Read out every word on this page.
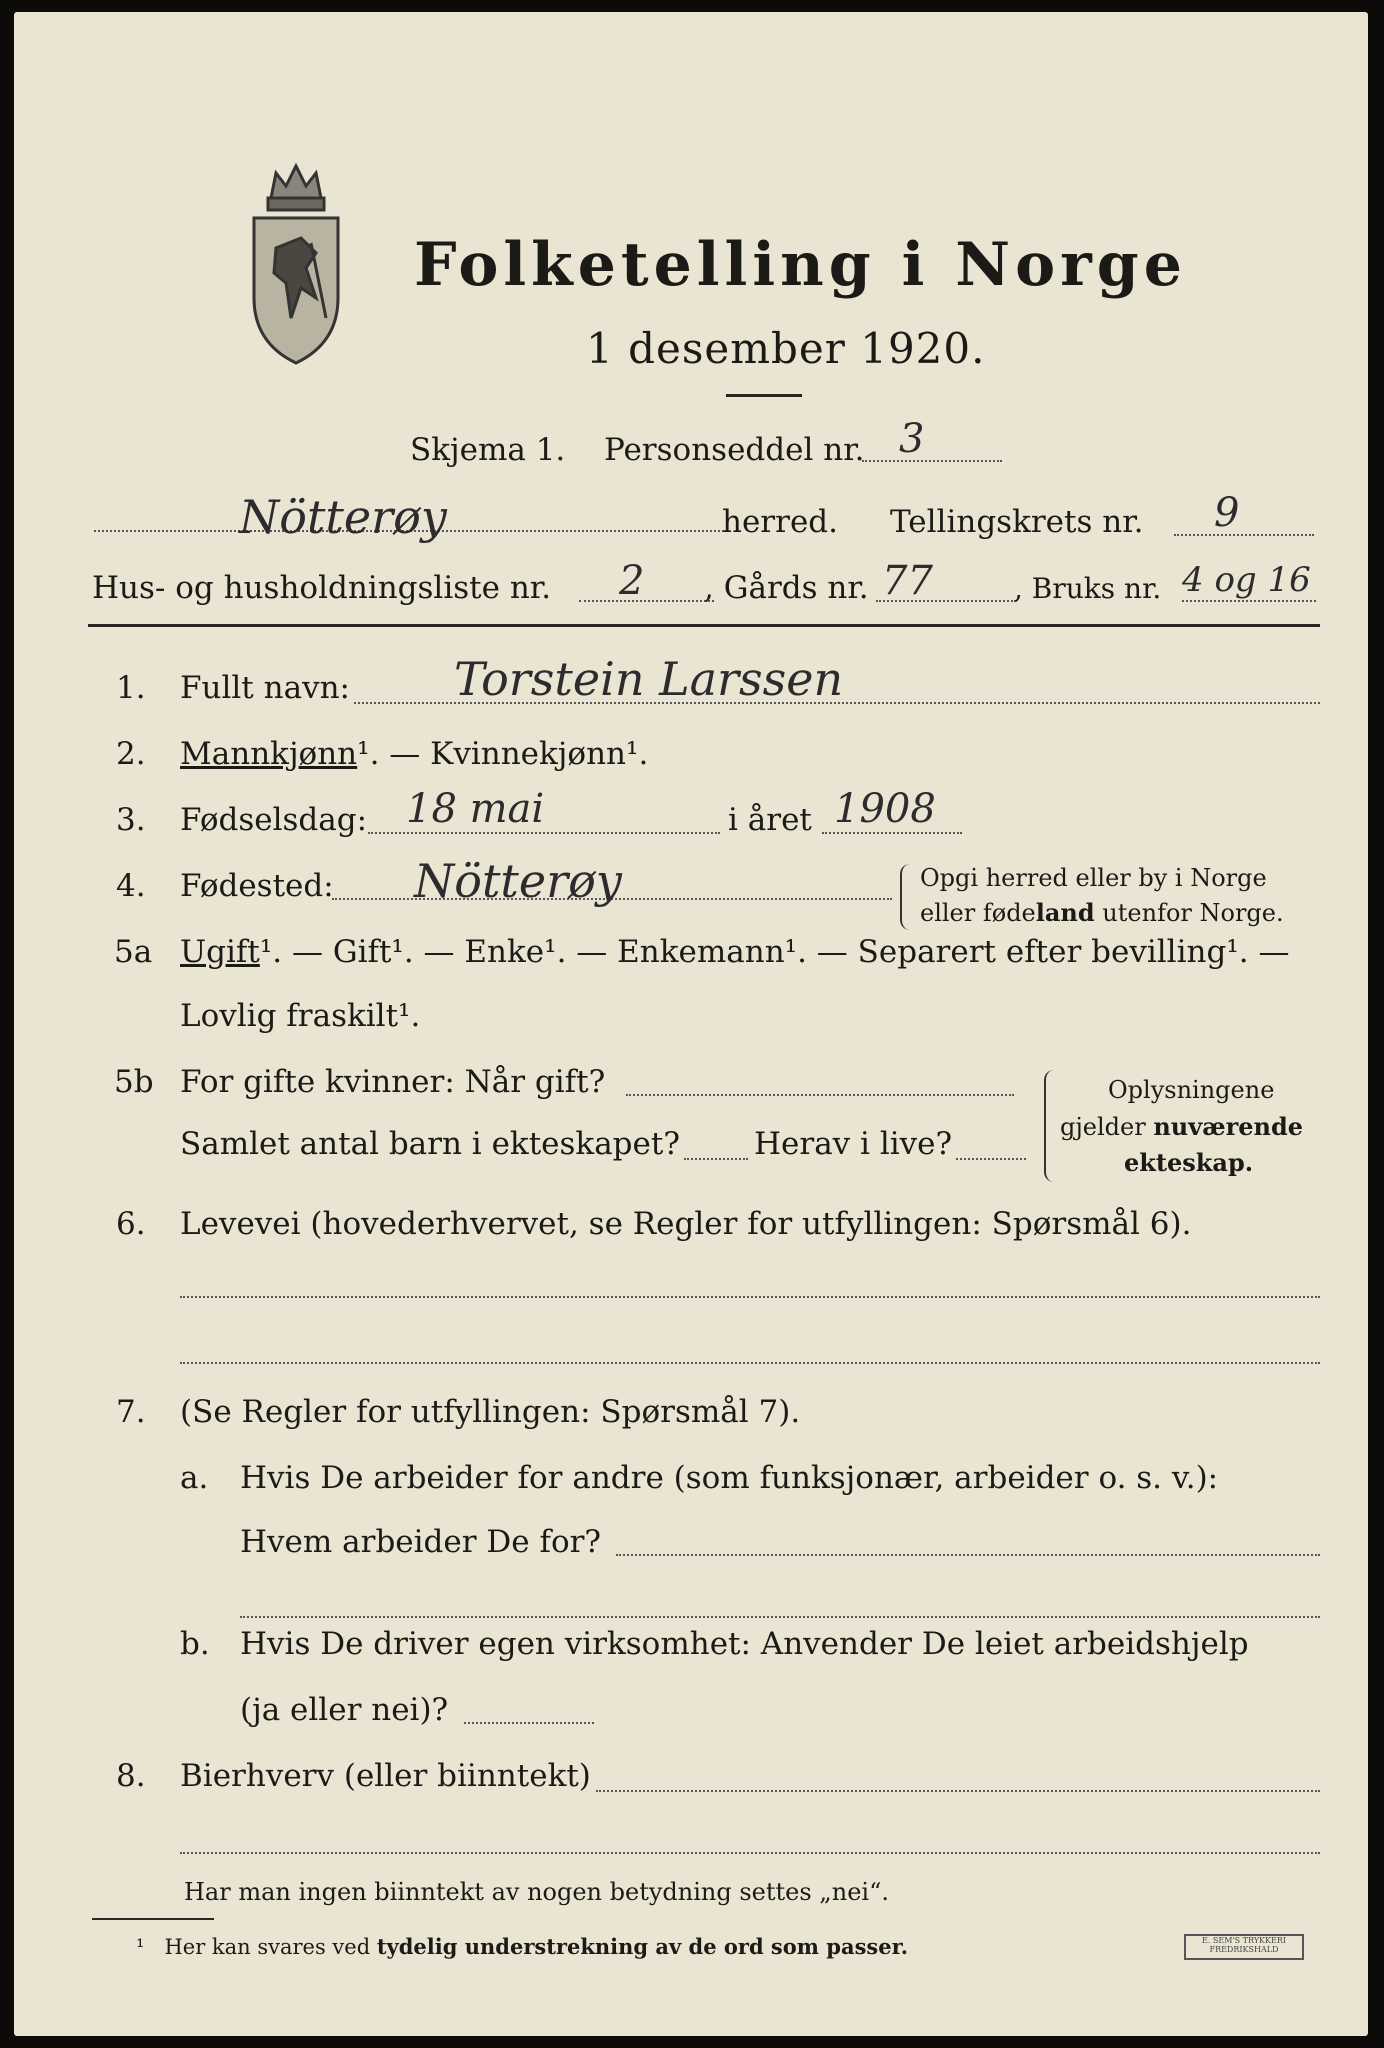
Folketelling i Norge
1 desember 1920.
Skjema 1. Personseddel nr. 3
Nötterøy	herred. Tellingskrets nr. 9
Hus- og husholdningsliste nr. 2 , Gårds nr. 77	, Bruks nr. 4 og 16
1. Fullt navn: Torstein Larssen
2. Mannkjønn¹. — Kvinnekjønn¹.
3. Fødselsdag: 18 mai	i året 1908
4. Fødested: Nötterøy	Opgi herred eller by i Norge
eller fødeland utenfor Norge.
5a Ugift¹. — Gift¹. — Enke¹. — Enkemann¹. — Separert efter bevilling¹. —
Lovlig fraskilt¹.
5b For gifte kvinner: Når gift?
Samlet antal barn i ekteskapet? Herav i live?
Oplysningene
gjelder nuværende
ekteskap.
6. Levevei (hovederhvervet, se Regler for utfyllingen: Spørsmål 6).
7. (Se Regler for utfyllingen: Spørsmål 7).
a. Hvis De arbeider for andre (som funksjonær, arbeider o. s. v.):
Hvem arbeider De for?
b. Hvis De driver egen virksomhet: Anvender De leiet arbeidshjelp
(ja eller nei)?
8. Bierhverv (eller biinntekt)
Har man ingen biinntekt av nogen betydning settes „nei“.
¹ Her kan svares ved tydelig understrekning av de ord som passer.	E. SEM'S TRYKKERI
FREDRIKSHALD
